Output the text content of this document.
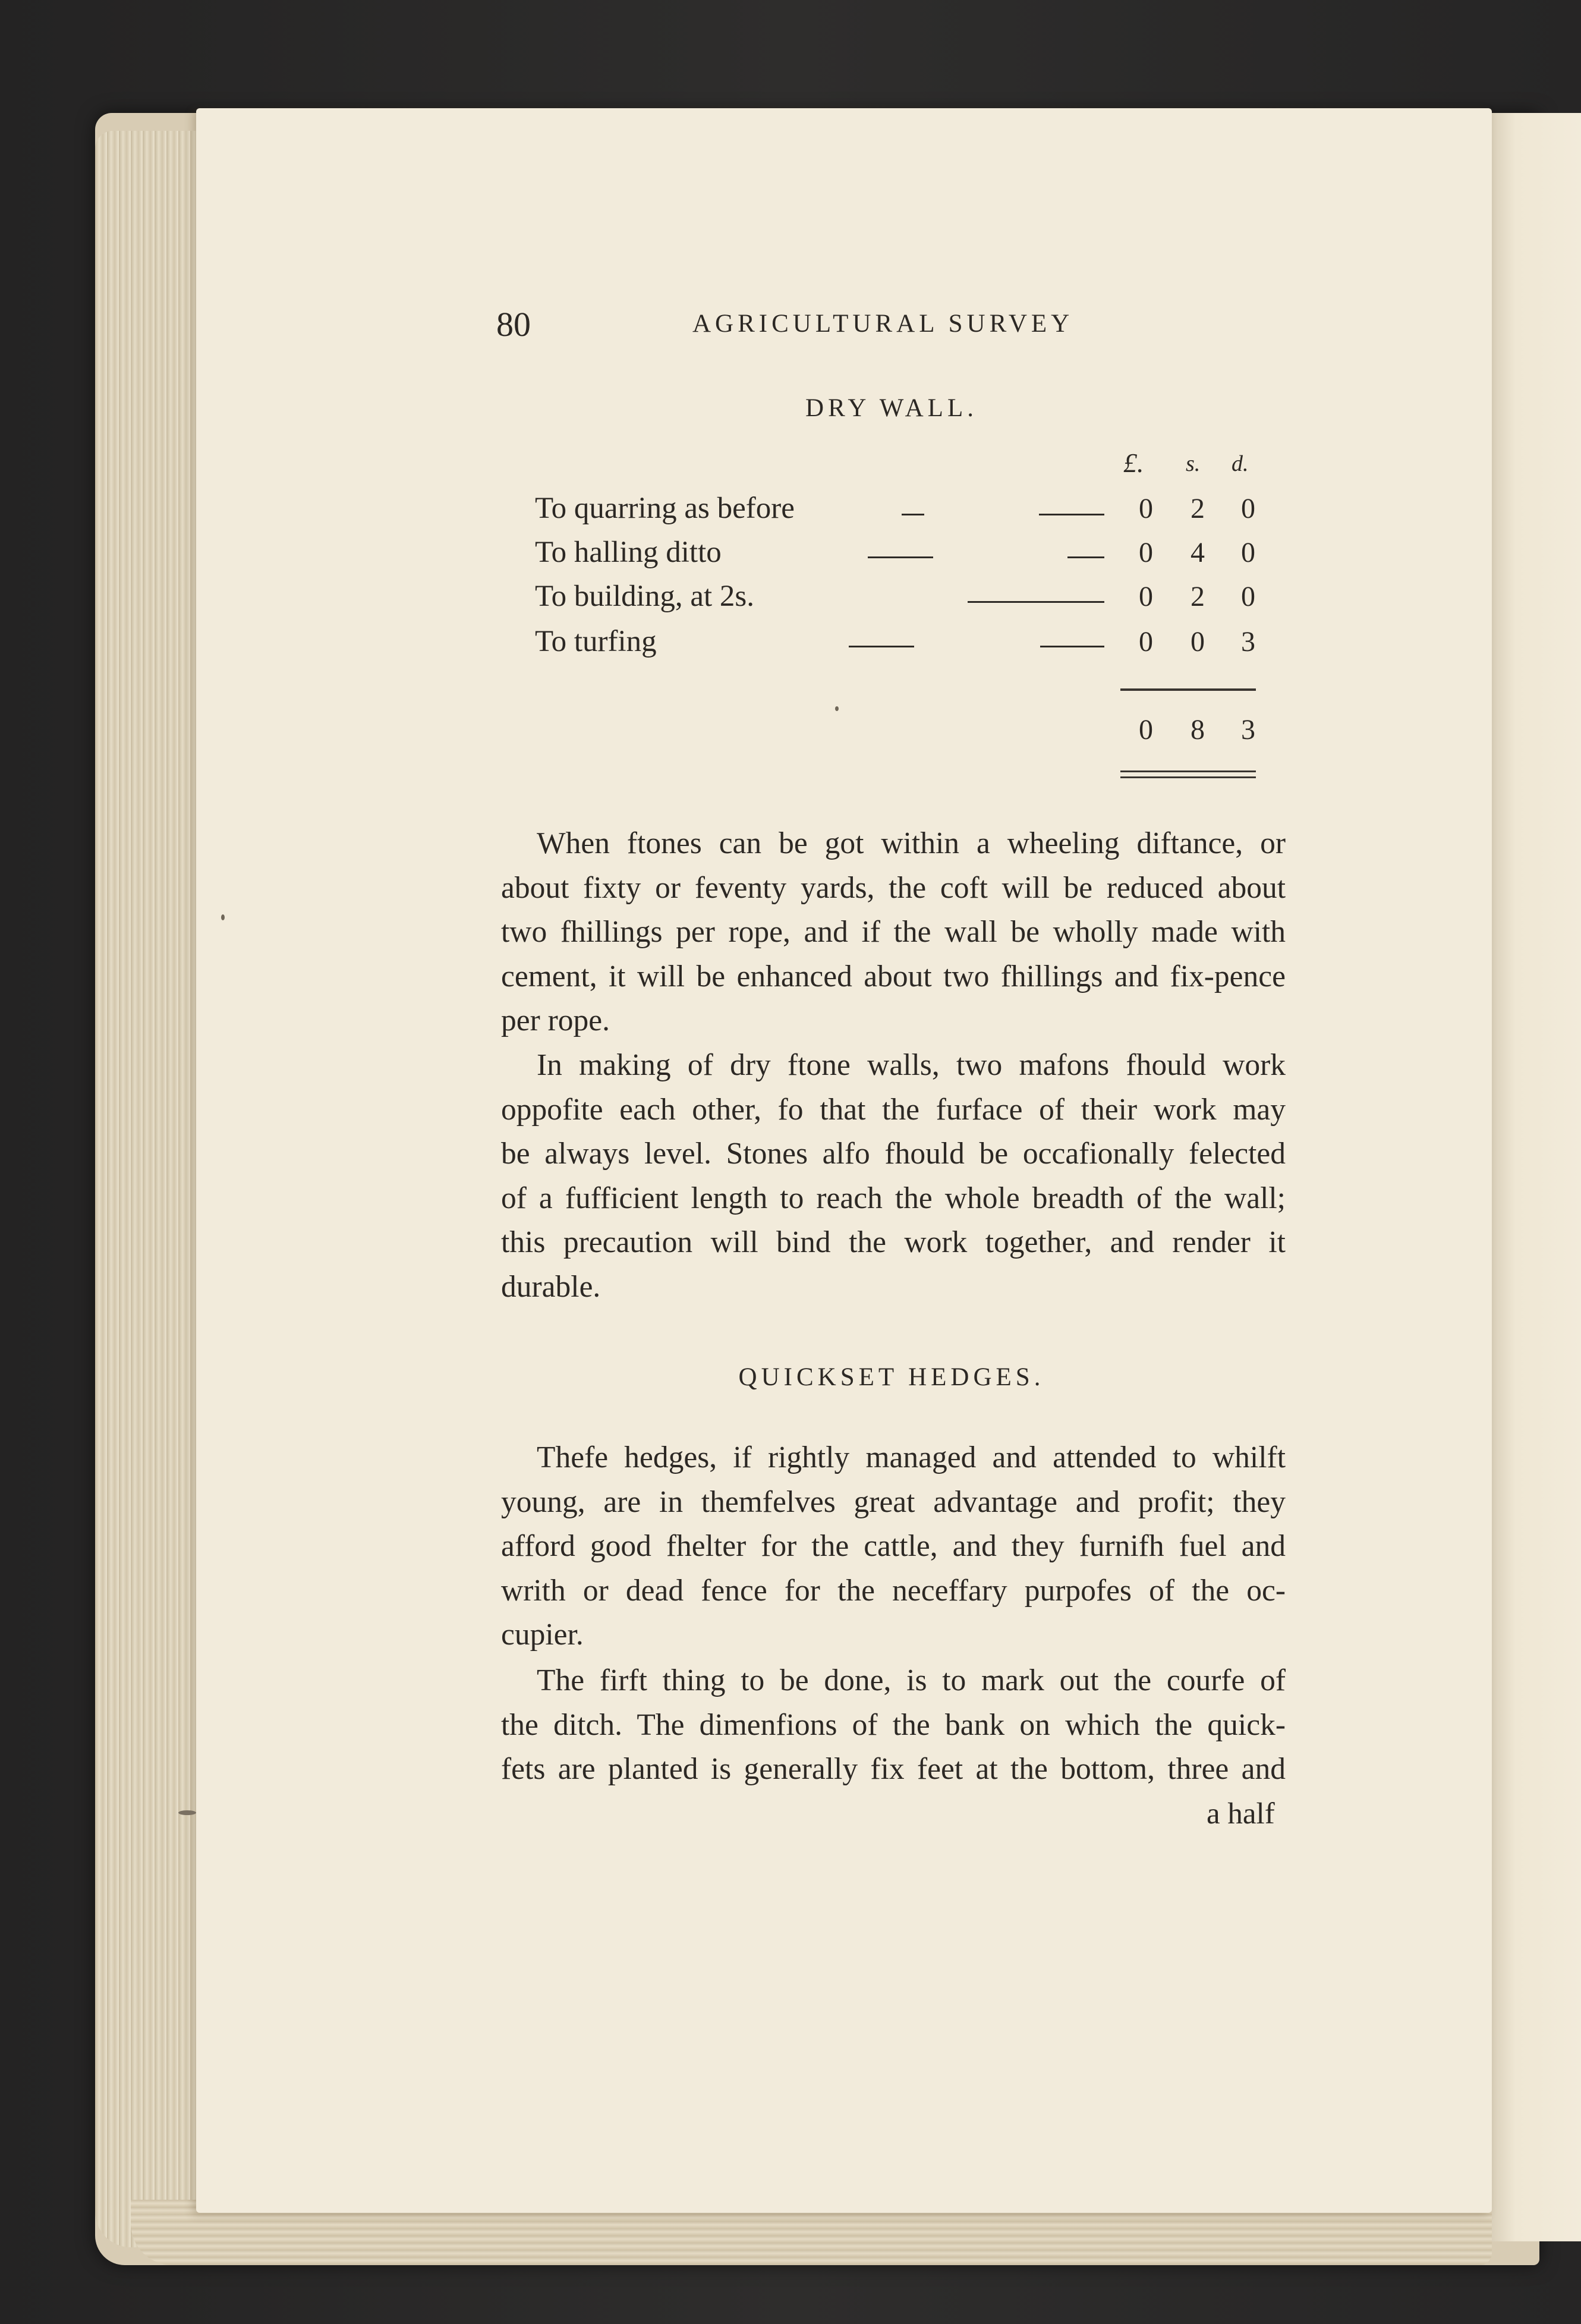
80	AGRICULTURAL SURVEY
DRY WALL.
£. s. d.
To quarring as before	0 2 0
To halling ditto	0 4 0
To building, at 2s.	0 2 0
To turfing	0 0 3
0 8 3
When ftones can be got within a wheeling diftance, or
about fixty or feventy yards, the coft will be reduced about
two fhillings per rope, and if the wall be wholly made with
cement, it will be enhanced about two fhillings and fix-pence
per rope.
In making of dry ftone walls, two mafons fhould work
oppofite each other, fo that the furface of their work may
be always level. Stones alfo fhould be occafionally felected
of a fufficient length to reach the whole breadth of the wall;
this precaution will bind the work together, and render it
durable.
QUICKSET HEDGES.
Thefe hedges, if rightly managed and attended to whilft
young, are in themfelves great advantage and profit; they
afford good fhelter for the cattle, and they furnifh fuel and
writh or dead fence for the neceffary purpofes of the oc-
cupier.
The firft thing to be done, is to mark out the courfe of
the ditch. The dimenfions of the bank on which the quick-
fets are planted is generally fix feet at the bottom, three and
a half
